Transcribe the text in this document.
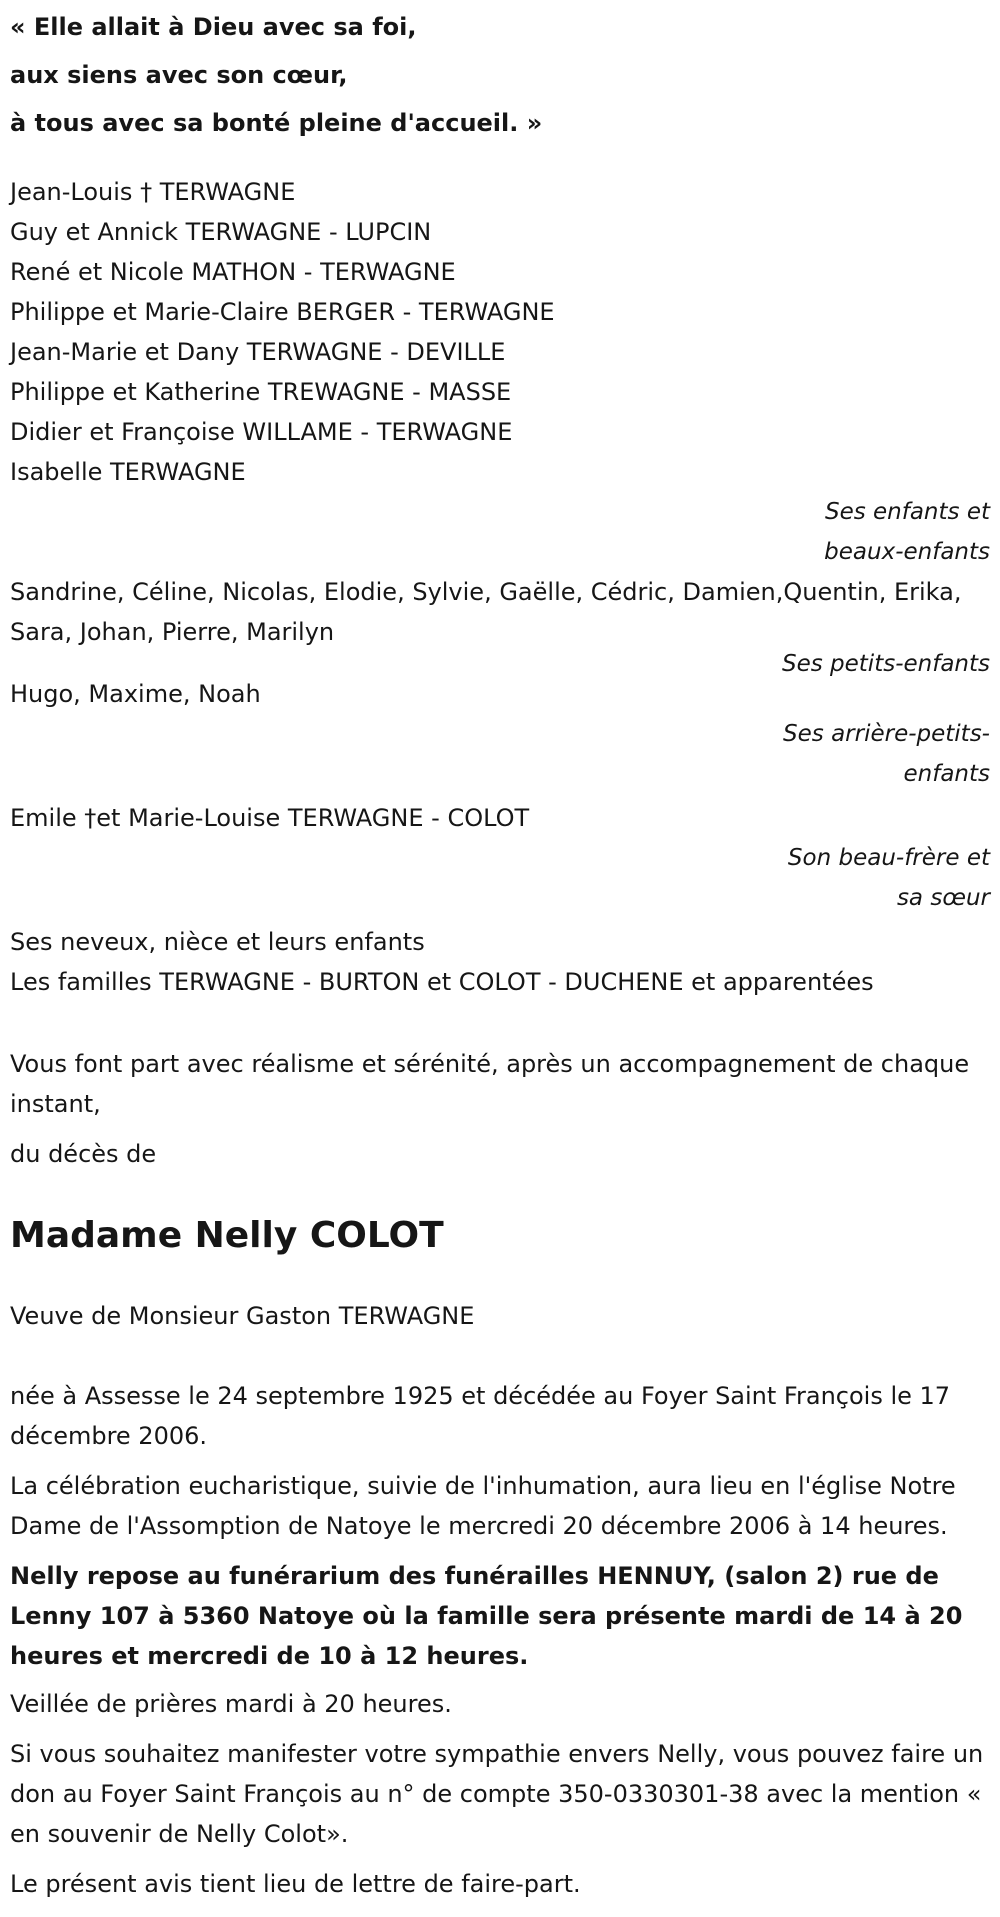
« Elle allait à Dieu avec sa foi,
aux siens avec son cœur,
à tous avec sa bonté pleine d'accueil. »
Jean-Louis † TERWAGNE
Guy et Annick TERWAGNE - LUPCIN
René et Nicole MATHON - TERWAGNE
Philippe et Marie-Claire BERGER - TERWAGNE
Jean-Marie et Dany TERWAGNE - DEVILLE
Philippe et Katherine TREWAGNE - MASSE
Didier et Françoise WILLAME - TERWAGNE
Isabelle TERWAGNE
Ses enfants et beaux-enfants
Sandrine, Céline, Nicolas, Elodie, Sylvie, Gaëlle, Cédric, Damien,Quentin, Erika, Sara, Johan, Pierre, Marilyn
Ses petits-enfants
Hugo, Maxime, Noah
Ses arrière-petits-enfants
Emile †et Marie-Louise TERWAGNE - COLOT
Son beau-frère et sa sœur
Ses neveux, nièce et leurs enfants
Les familles TERWAGNE - BURTON et COLOT - DUCHENE et apparentées
Vous font part avec réalisme et sérénité, après un accompagnement de chaque instant,
du décès de
Madame Nelly COLOT
Veuve de Monsieur Gaston TERWAGNE
née à Assesse le 24 septembre 1925 et décédée au Foyer Saint François le 17 décembre 2006.
La célébration eucharistique, suivie de l'inhumation, aura lieu en l'église Notre Dame de l'Assomption de Natoye le mercredi 20 décembre 2006 à 14 heures.
Nelly repose au funérarium des funérailles HENNUY, (salon 2) rue de Lenny 107 à 5360 Natoye où la famille sera présente mardi de 14 à 20 heures et mercredi de 10 à 12 heures.
Veillée de prières mardi à 20 heures.
Si vous souhaitez manifester votre sympathie envers Nelly, vous pouvez faire un don au Foyer Saint François au n° de compte 350-0330301-38 avec la mention « en souvenir de Nelly Colot».
Le présent avis tient lieu de lettre de faire-part.
